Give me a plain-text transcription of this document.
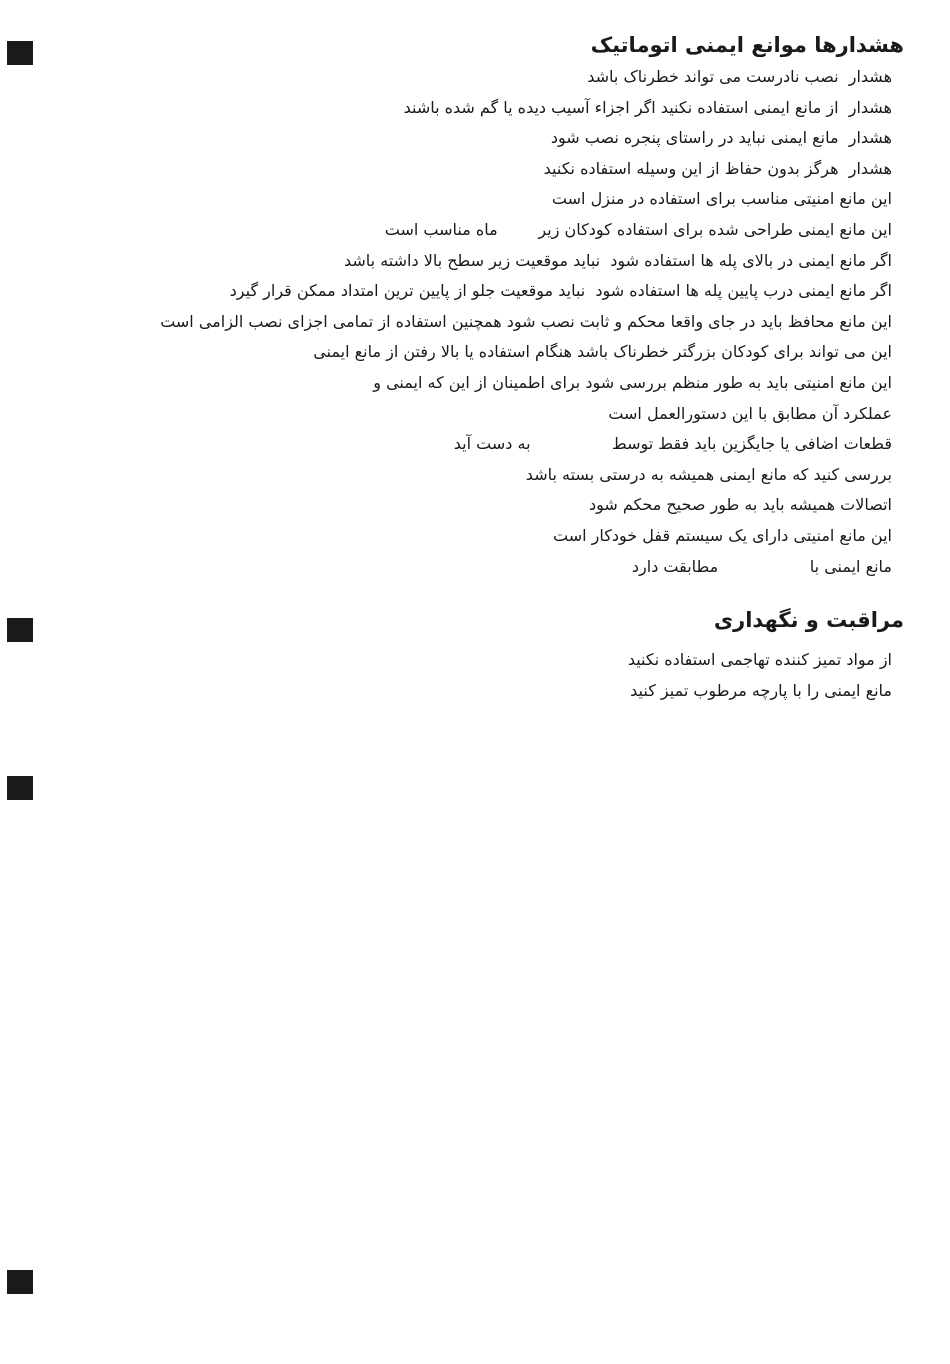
هشدارها موانع ایمنی اتوماتیک
هشدار  نصب نادرست می تواند خطرناک باشد
هشدار  از مانع ایمنی استفاده نکنید اگر اجزاء آسیب دیده یا گم شده باشند
هشدار  مانع ایمنی نباید در راستای پنجره نصب شود
هشدار  هرگز بدون حفاظ از این وسیله استفاده نکنید
این مانع امنیتی مناسب برای استفاده در منزل است
این مانع ایمنی طراحی شده برای استفاده کودکان زیر        ماه مناسب است
اگر مانع ایمنی در بالای پله ها استفاده شود  نباید موقعیت زیر سطح بالا داشته باشد
اگر مانع ایمنی درب پایین پله ها استفاده شود  نباید موقعیت جلو از پایین ترین امتداد ممکن قرار گیرد
این مانع محافظ باید در جای واقعا محکم و ثابت نصب شود همچنین استفاده از تمامی اجزای نصب الزامی است
این می تواند برای کودکان بزرگتر خطرناک باشد هنگام استفاده یا بالا رفتن از مانع ایمنی
این مانع امنیتی باید به طور منظم بررسی شود برای اطمینان از این که ایمنی و
عملکرد آن مطابق با این دستورالعمل است
قطعات اضافی یا جایگزین باید فقط توسط                به دست آید
بررسی کنید که مانع ایمنی همیشه به درستی بسته باشد
اتصالات همیشه باید به طور صحیح محکم شود
این مانع امنیتی دارای یک سیستم قفل خودکار است
مانع ایمنی با                  مطابقت دارد
مراقبت و نگهداری
از مواد تمیز کننده تهاجمی استفاده نکنید
مانع ایمنی را با پارچه مرطوب تمیز کنید
